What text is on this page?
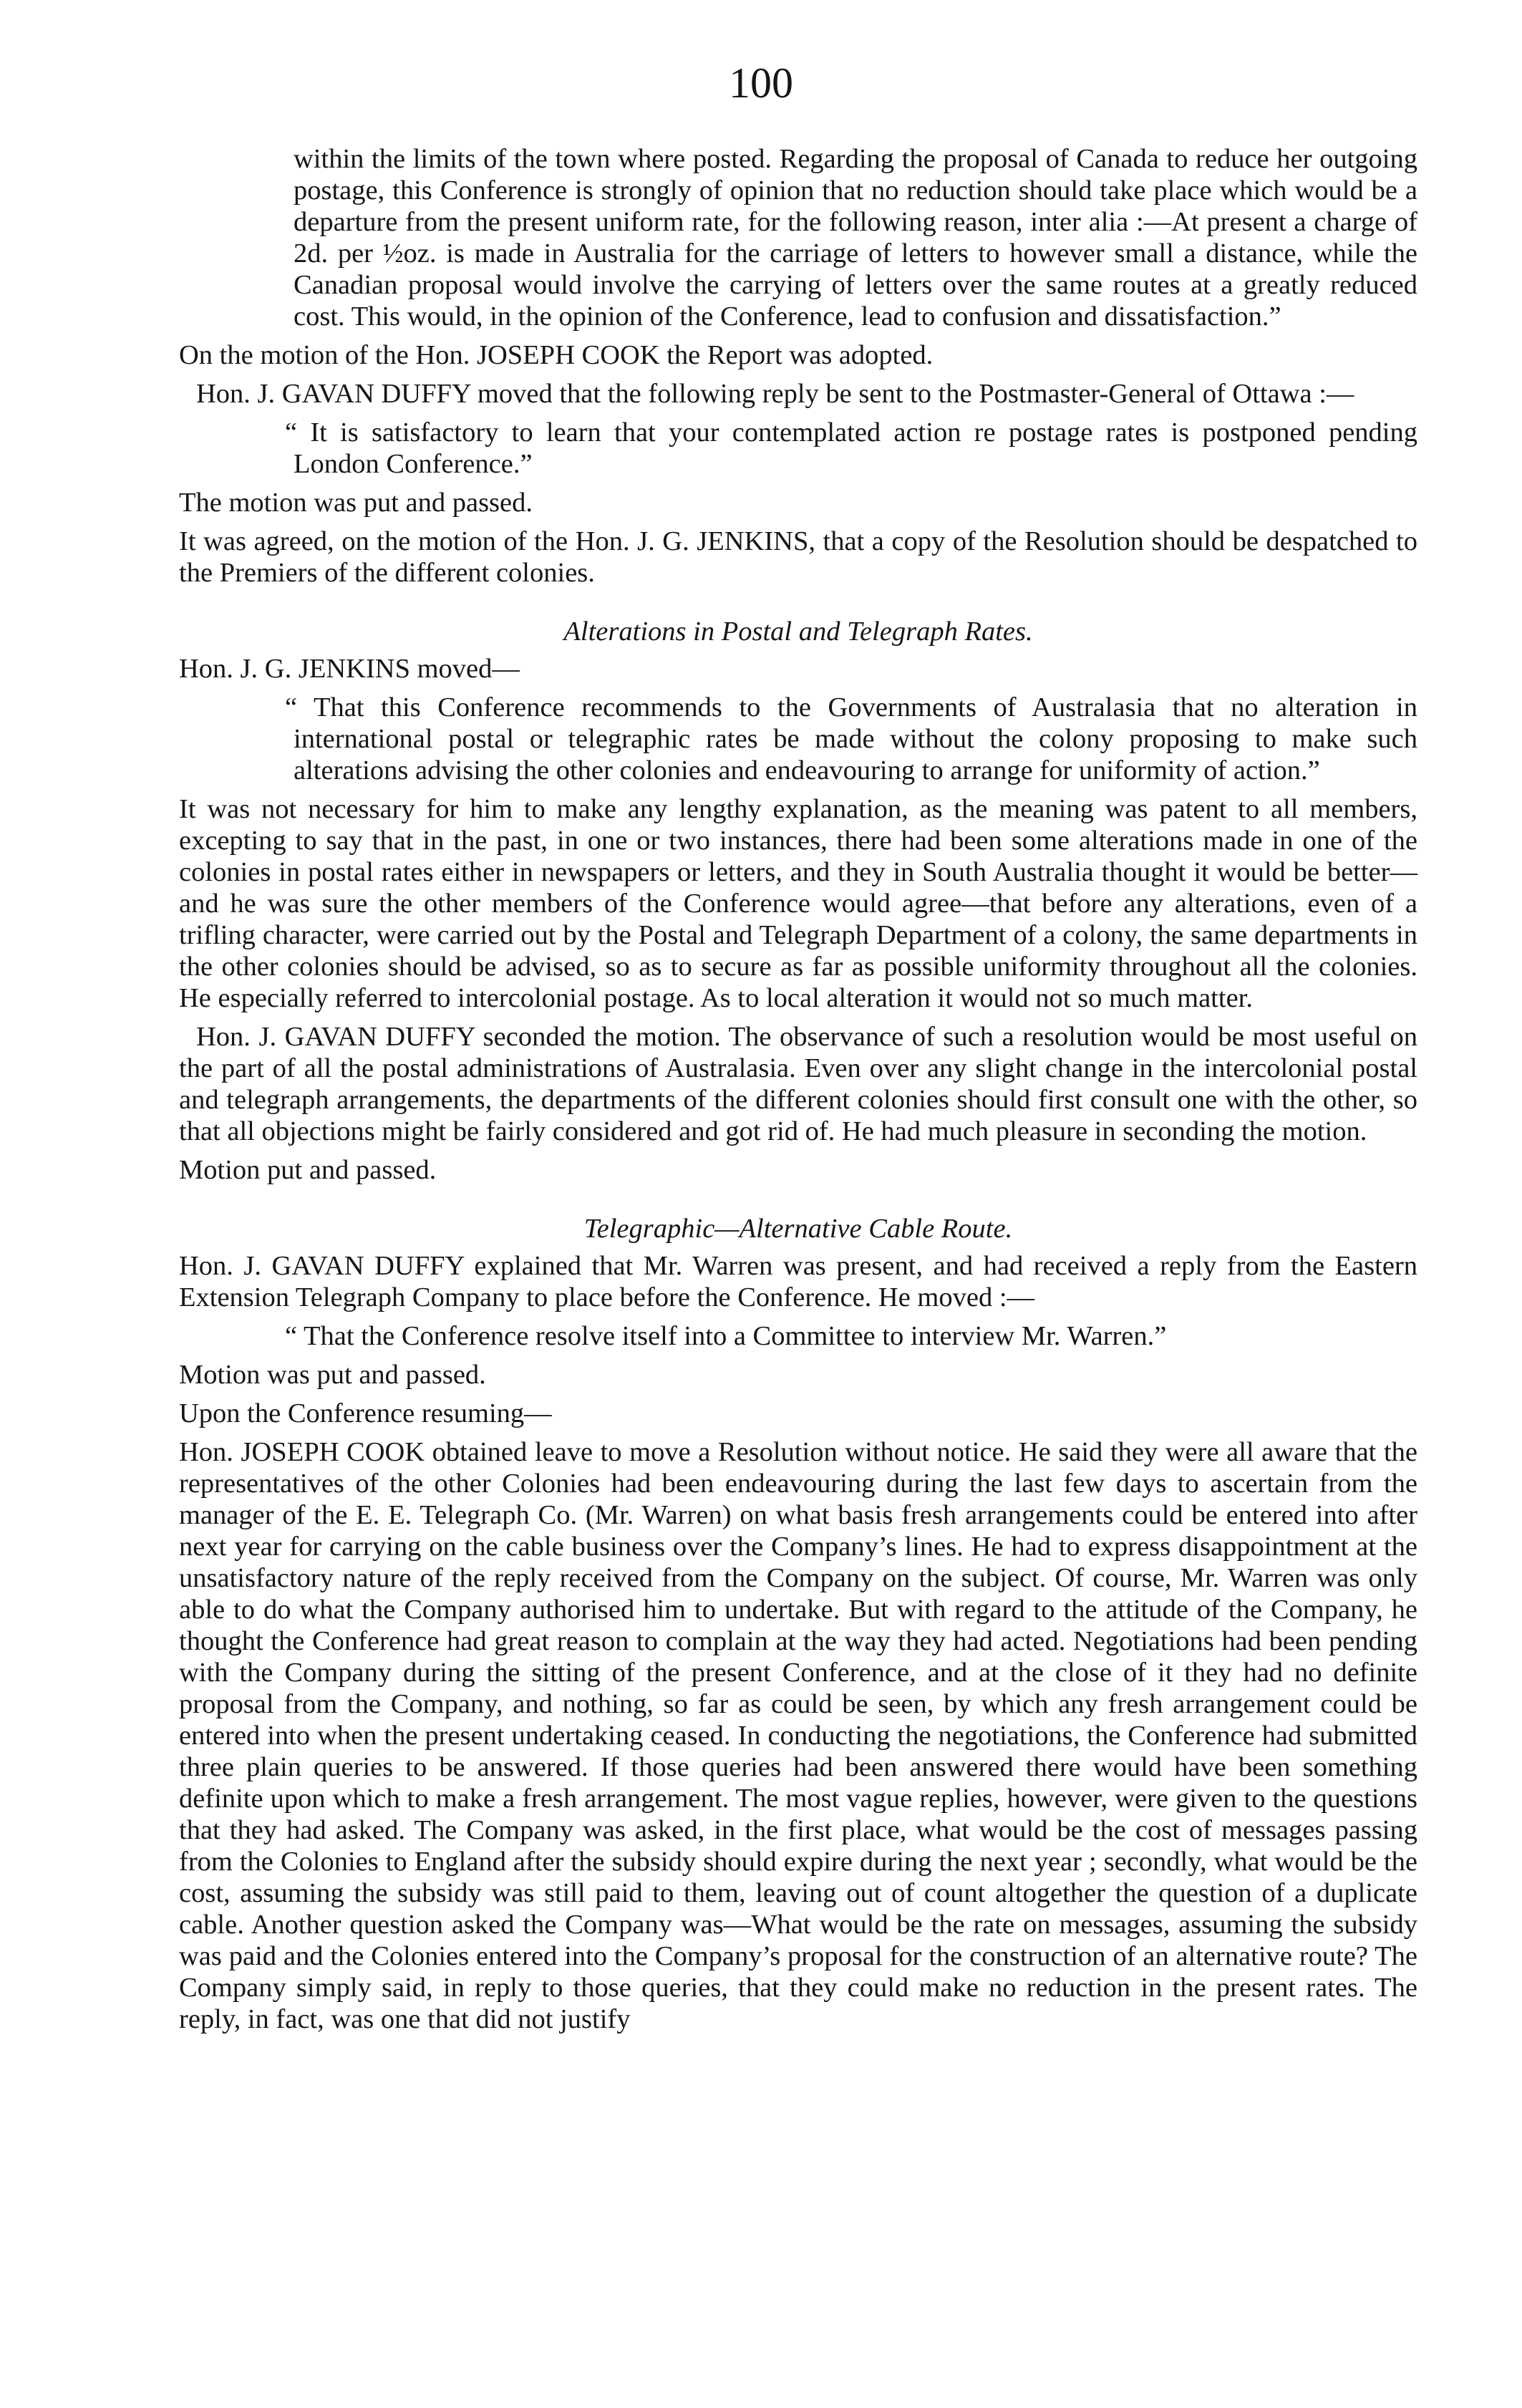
100

within the limits of the town where posted. Regarding the proposal of Canada to reduce her outgoing postage, this Conference is strongly of opinion that no reduction should take place which would be a departure from the present uniform rate, for the following reason, inter alia :—At present a charge of 2d. per ½oz. is made in Australia for the carriage of letters to however small a distance, while the Canadian proposal would involve the carrying of letters over the same routes at a greatly reduced cost. This would, in the opinion of the Conference, lead to confusion and dissatisfaction.”

On the motion of the Hon. JOSEPH COOK the Report was adopted.

Hon. J. GAVAN DUFFY moved that the following reply be sent to the Postmaster-General of Ottawa :—

“ It is satisfactory to learn that your contemplated action re postage rates is postponed pending London Conference.”

The motion was put and passed.

It was agreed, on the motion of the Hon. J. G. JENKINS, that a copy of the Resolution should be despatched to the Premiers of the different colonies.

Alterations in Postal and Telegraph Rates.

Hon. J. G. JENKINS moved—

“ That this Conference recommends to the Governments of Australasia that no alteration in international postal or telegraphic rates be made without the colony proposing to make such alterations advising the other colonies and endeavouring to arrange for uniformity of action.”

It was not necessary for him to make any lengthy explanation, as the meaning was patent to all members, excepting to say that in the past, in one or two instances, there had been some alterations made in one of the colonies in postal rates either in newspapers or letters, and they in South Australia thought it would be better—and he was sure the other members of the Conference would agree—that before any alterations, even of a trifling character, were carried out by the Postal and Telegraph Department of a colony, the same departments in the other colonies should be advised, so as to secure as far as possible uniformity throughout all the colonies. He especially referred to intercolonial postage. As to local alteration it would not so much matter.

Hon. J. GAVAN DUFFY seconded the motion. The observance of such a resolution would be most useful on the part of all the postal administrations of Australasia. Even over any slight change in the intercolonial postal and telegraph arrangements, the departments of the different colonies should first consult one with the other, so that all objections might be fairly considered and got rid of. He had much pleasure in seconding the motion.

Motion put and passed.

Telegraphic—Alternative Cable Route.

Hon. J. GAVAN DUFFY explained that Mr. Warren was present, and had received a reply from the Eastern Extension Telegraph Company to place before the Conference. He moved :—

“ That the Conference resolve itself into a Committee to interview Mr. Warren.”

Motion was put and passed.

Upon the Conference resuming—

Hon. JOSEPH COOK obtained leave to move a Resolution without notice. He said they were all aware that the representatives of the other Colonies had been endeavouring during the last few days to ascertain from the manager of the E. E. Telegraph Co. (Mr. Warren) on what basis fresh arrangements could be entered into after next year for carrying on the cable business over the Company’s lines. He had to express disappointment at the unsatisfactory nature of the reply received from the Company on the subject. Of course, Mr. Warren was only able to do what the Company authorised him to undertake. But with regard to the attitude of the Company, he thought the Conference had great reason to complain at the way they had acted. Negotiations had been pending with the Company during the sitting of the present Conference, and at the close of it they had no definite proposal from the Company, and nothing, so far as could be seen, by which any fresh arrangement could be entered into when the present undertaking ceased. In conducting the negotiations, the Conference had submitted three plain queries to be answered. If those queries had been answered there would have been something definite upon which to make a fresh arrangement. The most vague replies, however, were given to the questions that they had asked. The Company was asked, in the first place, what would be the cost of messages passing from the Colonies to England after the subsidy should expire during the next year ; secondly, what would be the cost, assuming the subsidy was still paid to them, leaving out of count altogether the question of a duplicate cable. Another question asked the Company was—What would be the rate on messages, assuming the subsidy was paid and the Colonies entered into the Company’s proposal for the construction of an alternative route? The Company simply said, in reply to those queries, that they could make no reduction in the present rates. The reply, in fact, was one that did not justify
